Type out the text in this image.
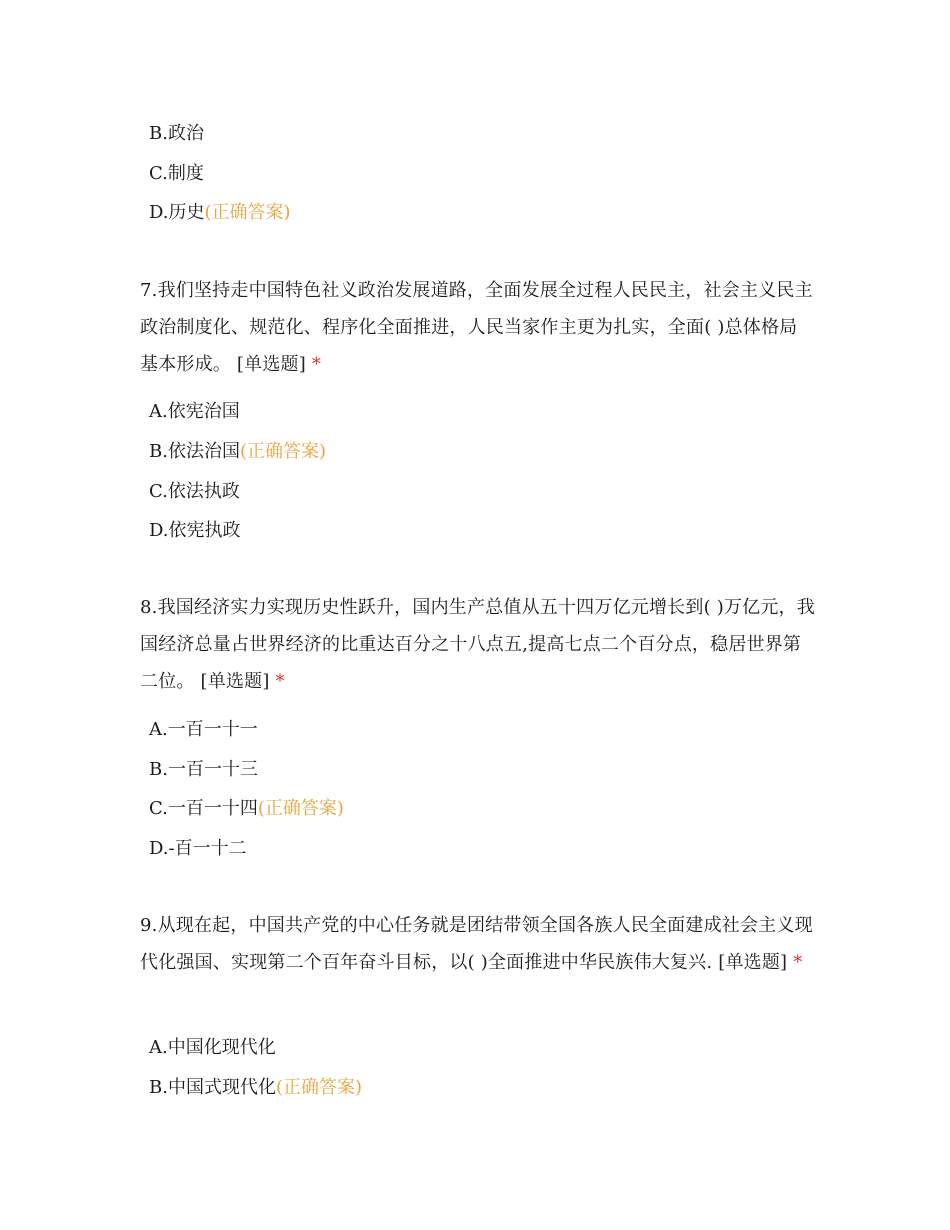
B.政治
C.制度
D.历史(正确答案)
7.我们坚持走中国特色社义政治发展道路，全面发展全过程人民民主，社会主义民主政治制度化、规范化、程序化全面推进，人民当家作主更为扎实，全面( )总体格局基本形成。 [单选题] *
A.依宪治国
B.依法治国(正确答案)
C.依法执政
D.依宪执政
8.我国经济实力实现历史性跃升，国内生产总值从五十四万亿元增长到( )万亿元，我国经济总量占世界经济的比重达百分之十八点五,提高七点二个百分点，稳居世界第二位。 [单选题] *
A.一百一十一
B.一百一十三
C.一百一十四(正确答案)
D.-百一十二
9.从现在起，中国共产党的中心任务就是团结带领全国各族人民全面建成社会主义现代化强国、实现第二个百年奋斗目标，以( )全面推进中华民族伟大复兴. [单选题] *
A.中国化现代化
B.中国式现代化(正确答案)
